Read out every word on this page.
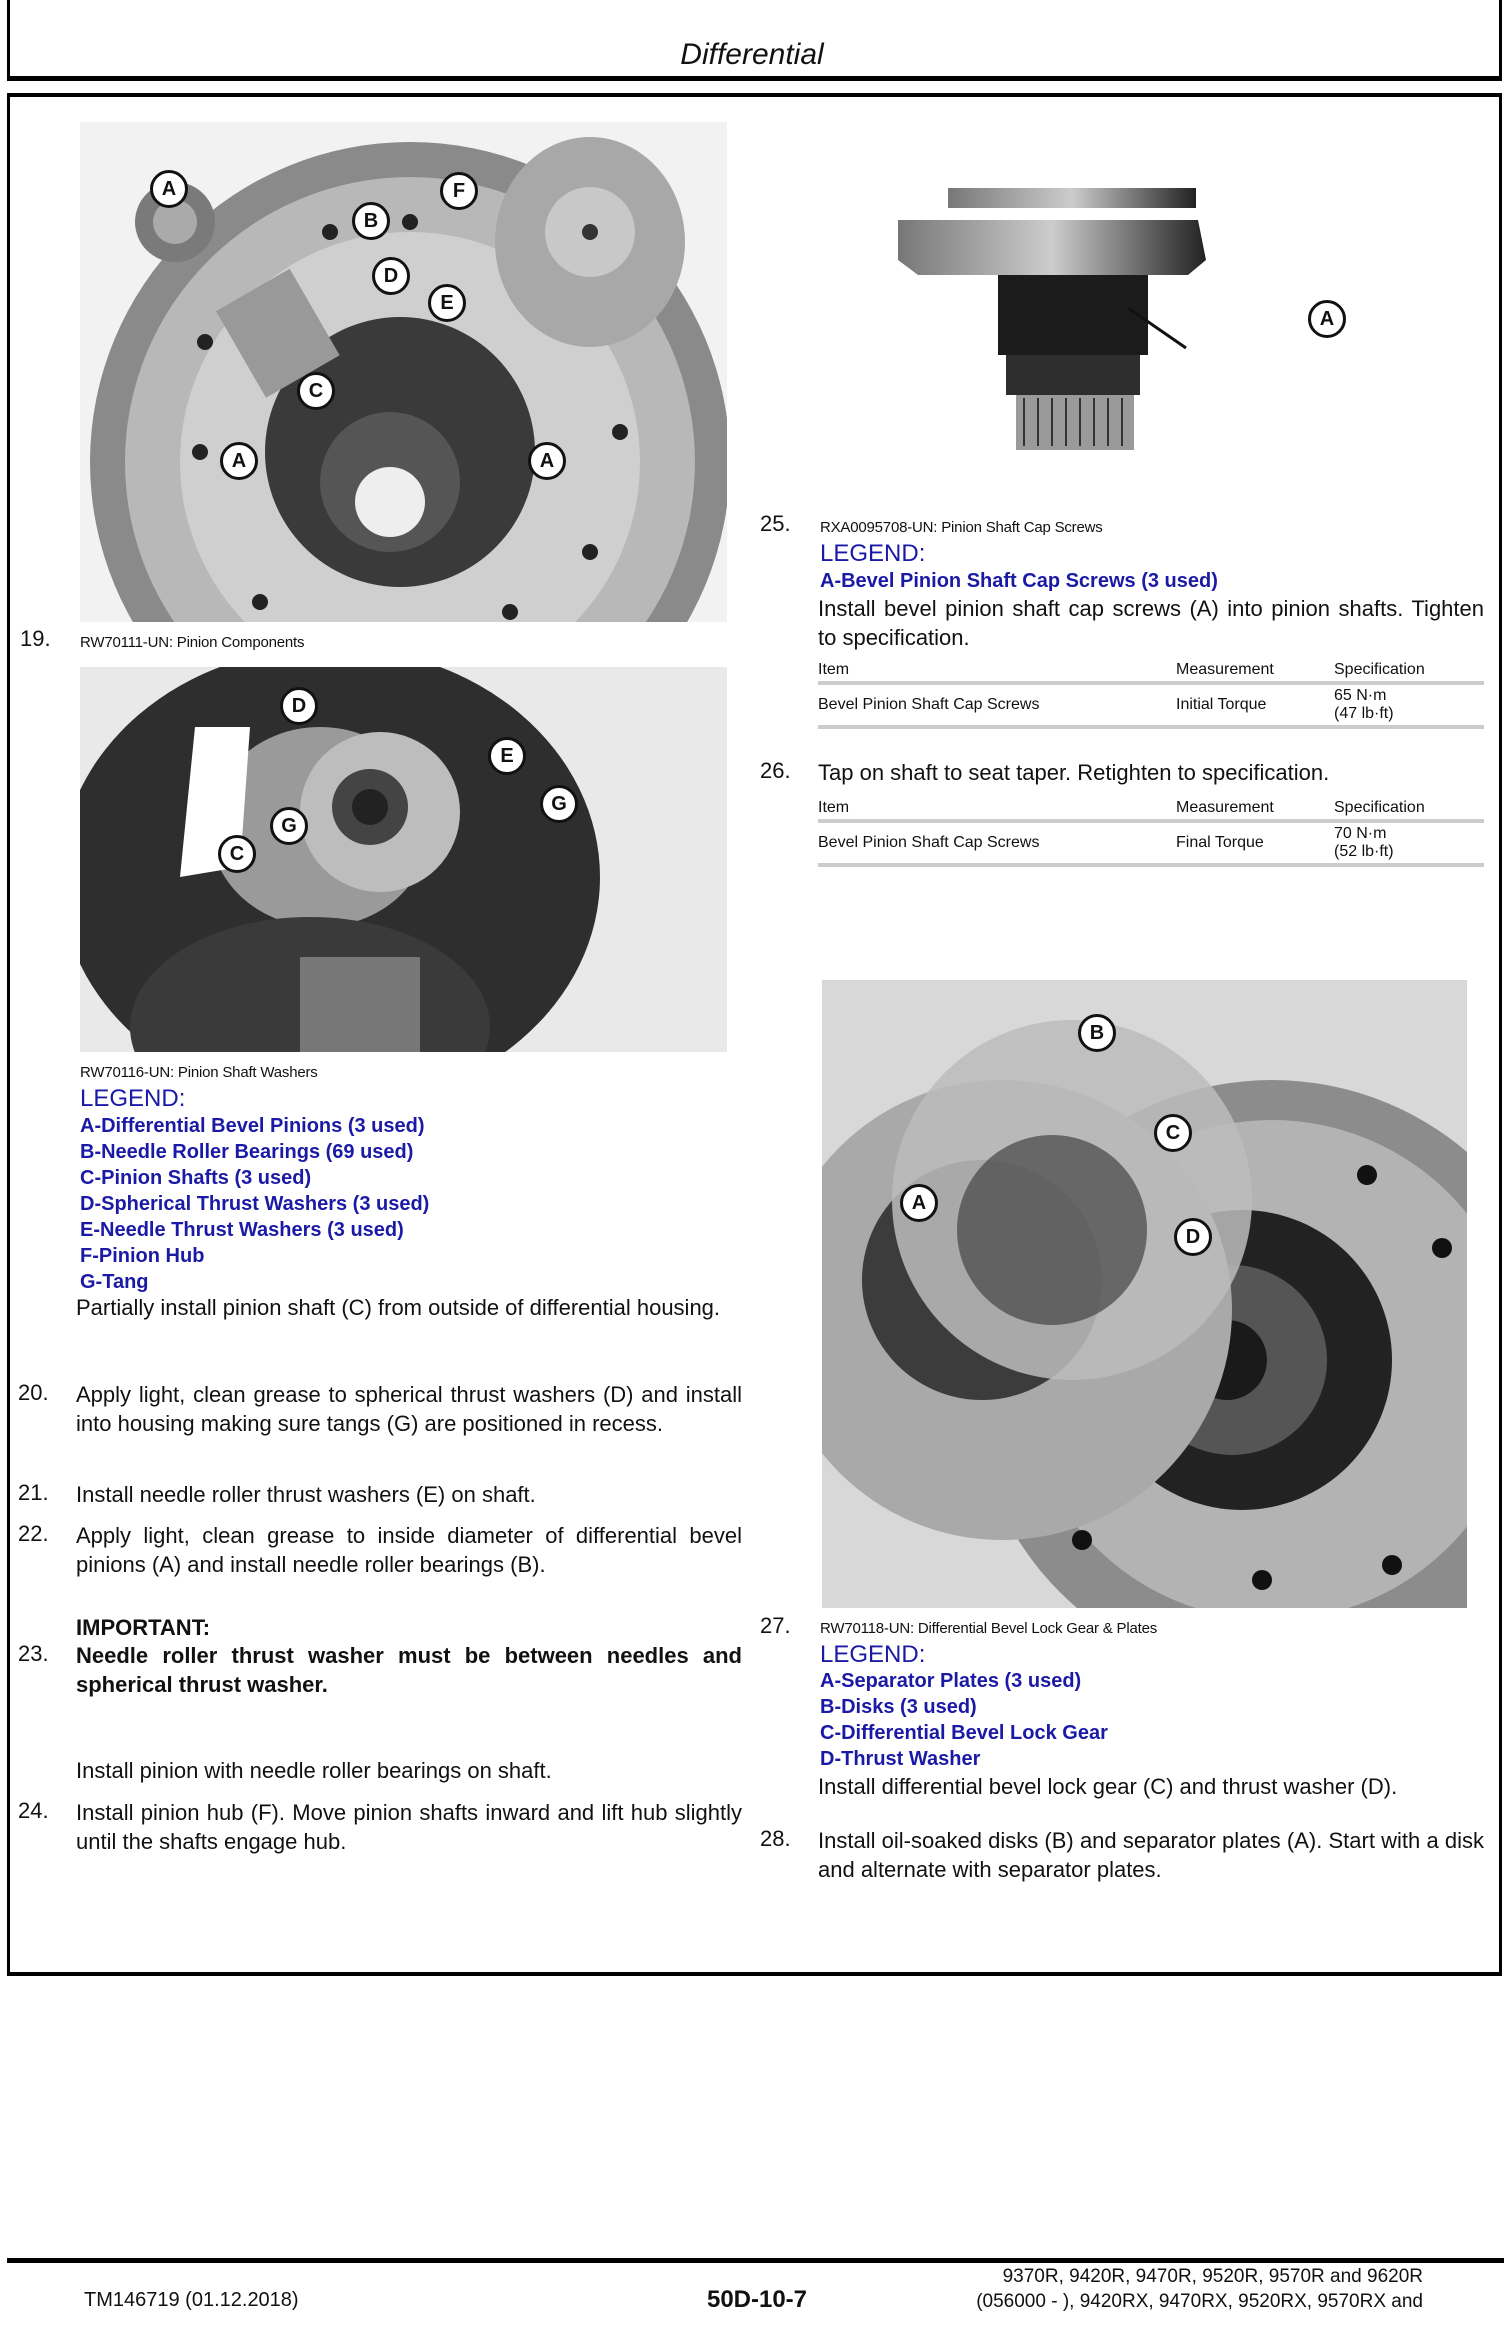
Differential
A	F
B
D
E
C
A	A
19. RW70111-UN: Pinion Components
D
E
G
G
C
RW70116-UN: Pinion Shaft Washers
LEGEND:
A-Differential Bevel Pinions (3 used)
B-Needle Roller Bearings (69 used)
C-Pinion Shafts (3 used)
D-Spherical Thrust Washers (3 used)
E-Needle Thrust Washers (3 used)
F-Pinion Hub
G-Tang
Partially install pinion shaft (C) from outside of differential housing.
20. Apply light, clean grease to spherical thrust washers (D) and install into housing making sure tangs (G) are positioned in recess.
21. Install needle roller thrust washers (E) on shaft.
22. Apply light, clean grease to inside diameter of differential bevel pinions (A) and install needle roller bearings (B).
IMPORTANT:
23. Needle roller thrust washer must be between needles and spherical thrust washer.
Install pinion with needle roller bearings on shaft.
24. Install pinion hub (F). Move pinion shafts inward and lift hub slightly until the shafts engage hub.
A
25. RXA0095708-UN: Pinion Shaft Cap Screws
LEGEND:
A-Bevel Pinion Shaft Cap Screws (3 used)
Install bevel pinion shaft cap screws (A) into pinion shafts. Tighten to specification.
Item	Measurement	Specification
Bevel Pinion Shaft Cap Screws	Initial Torque	65 N·m
(47 lb·ft)
26. Tap on shaft to seat taper. Retighten to specification.
Item	Measurement	Specification
Bevel Pinion Shaft Cap Screws	Final Torque	70 N·m
(52 lb·ft)
B
C
A
D
27. RW70118-UN: Differential Bevel Lock Gear & Plates
LEGEND:
A-Separator Plates (3 used)
B-Disks (3 used)
C-Differential Bevel Lock Gear
D-Thrust Washer
Install differential bevel lock gear (C) and thrust washer (D).
28. Install oil-soaked disks (B) and separator plates (A). Start with a disk and alternate with separator plates.
TM146719 (01.12.2018)	50D-10-7
9370R, 9420R, 9470R, 9520R, 9570R and 9620R
(056000 - ), 9420RX, 9470RX, 9520RX, 9570RX and
